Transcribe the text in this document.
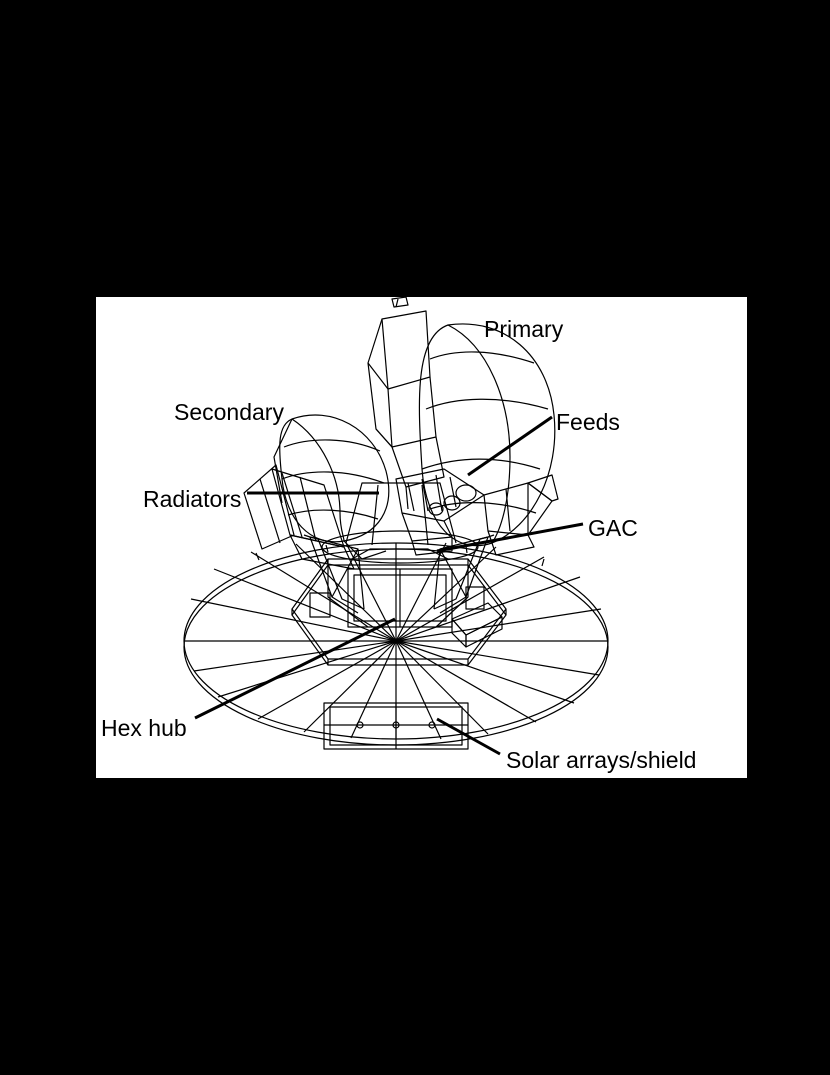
Primary
Secondary	Feeds
Radiators
GAC
Hex hub
Solar arrays/shield
